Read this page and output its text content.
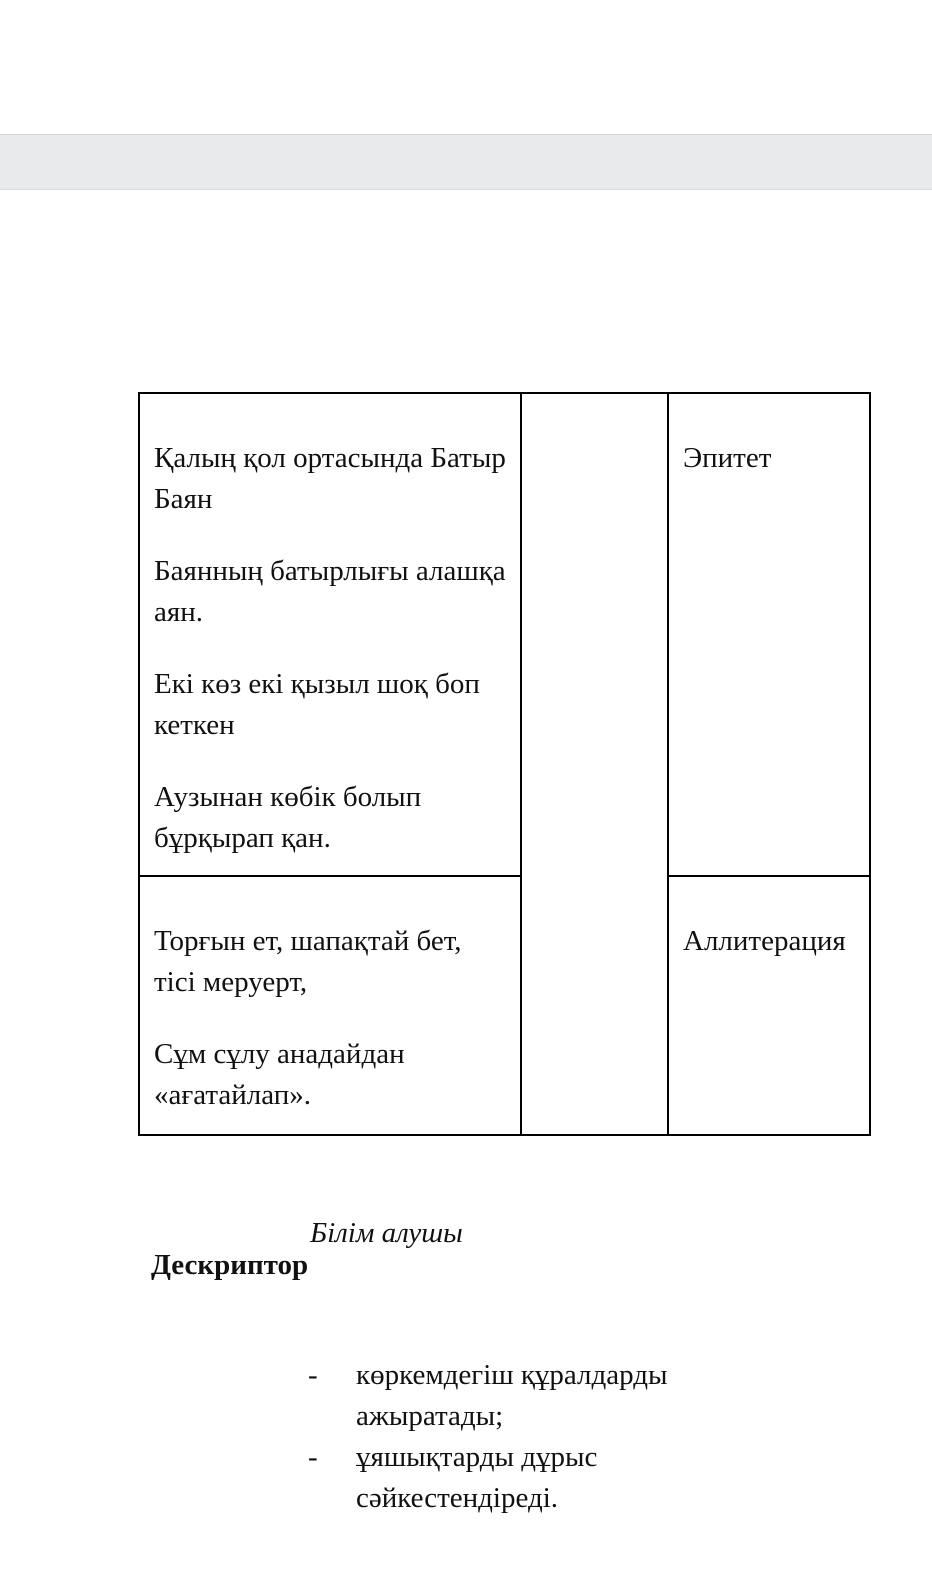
Қалың қол ортасында Батыр Баян

Баянның батырлығы алашқа аян.

Екі көз екі қызыл шоқ боп кеткен

Аузынан көбік болып бұрқырап қан.		Эпитет

Торғын ет, шапақтай бет, тісі меруерт,

Сұм сұлу анадайдан «ағатайлап».		Аллитерация
Дескриптор
Білім алушы
-	көркемдегіш құралдарды ажыратады;
-	ұяшықтарды дұрыс сәйкестендіреді.
